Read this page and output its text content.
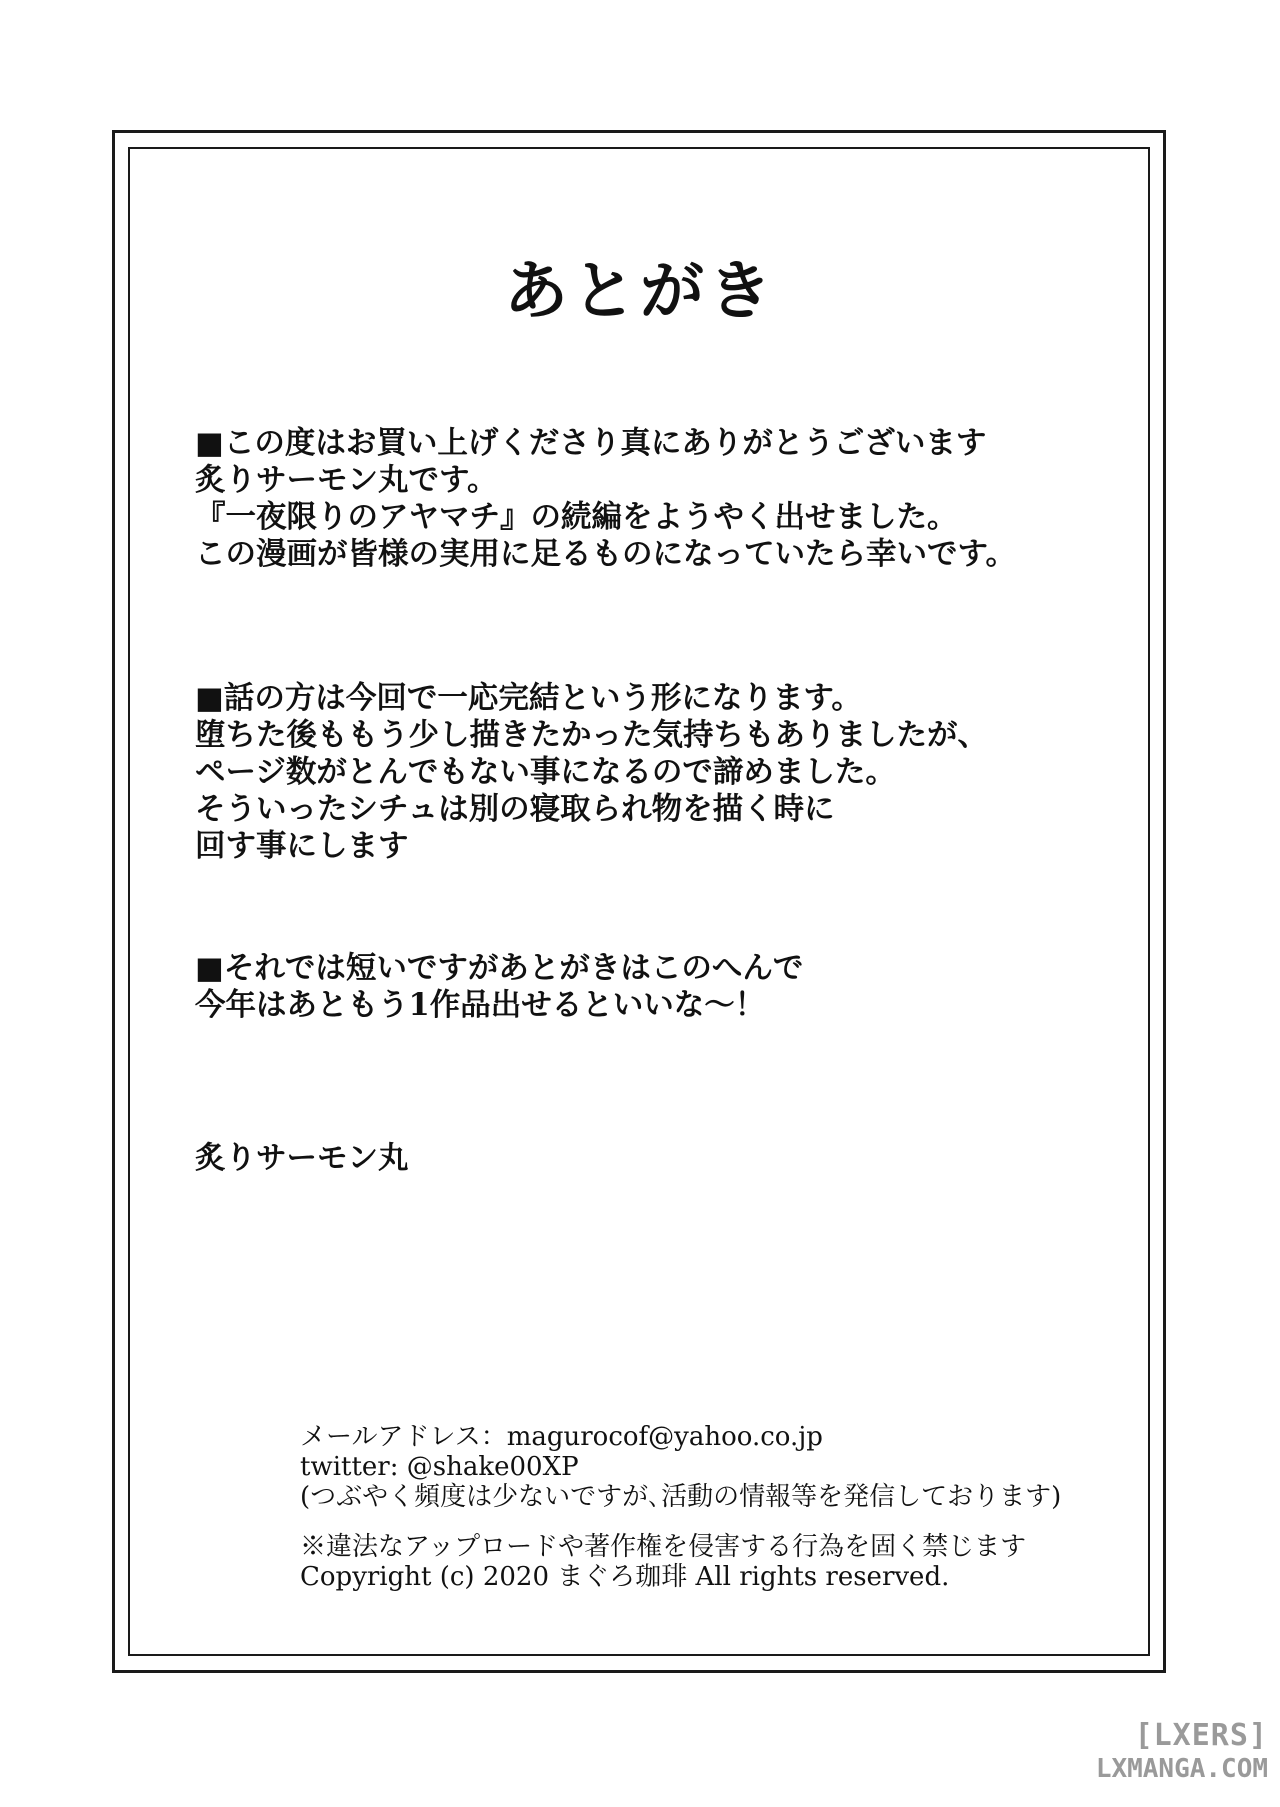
あとがき
■この度はお買い上げくださり真にありがとうございます
炙りサーモン丸です。
『一夜限りのアヤマチ』の続編をようやく出せました。
この漫画が皆様の実用に足るものになっていたら幸いです。
■話の方は今回で一応完結という形になります。
堕ちた後ももう少し描きたかった気持ちもありましたが、
ページ数がとんでもない事になるので諦めました。
そういったシチュは別の寝取られ物を描く時に
回す事にします
■それでは短いですがあとがきはこのへんで
今年はあともう1作品出せるといいな～！
炙りサーモン丸
メールアドレス：magurocof@yahoo.co.jp
twitter: @shake00XP
(つぶやく頻度は少ないですが､活動の情報等を発信しております)
※違法なアップロードや著作権を侵害する行為を固く禁じます
Copyright (c) 2020 まぐろ珈琲 All rights reserved.
[LXERS]
LXMANGA.COM
